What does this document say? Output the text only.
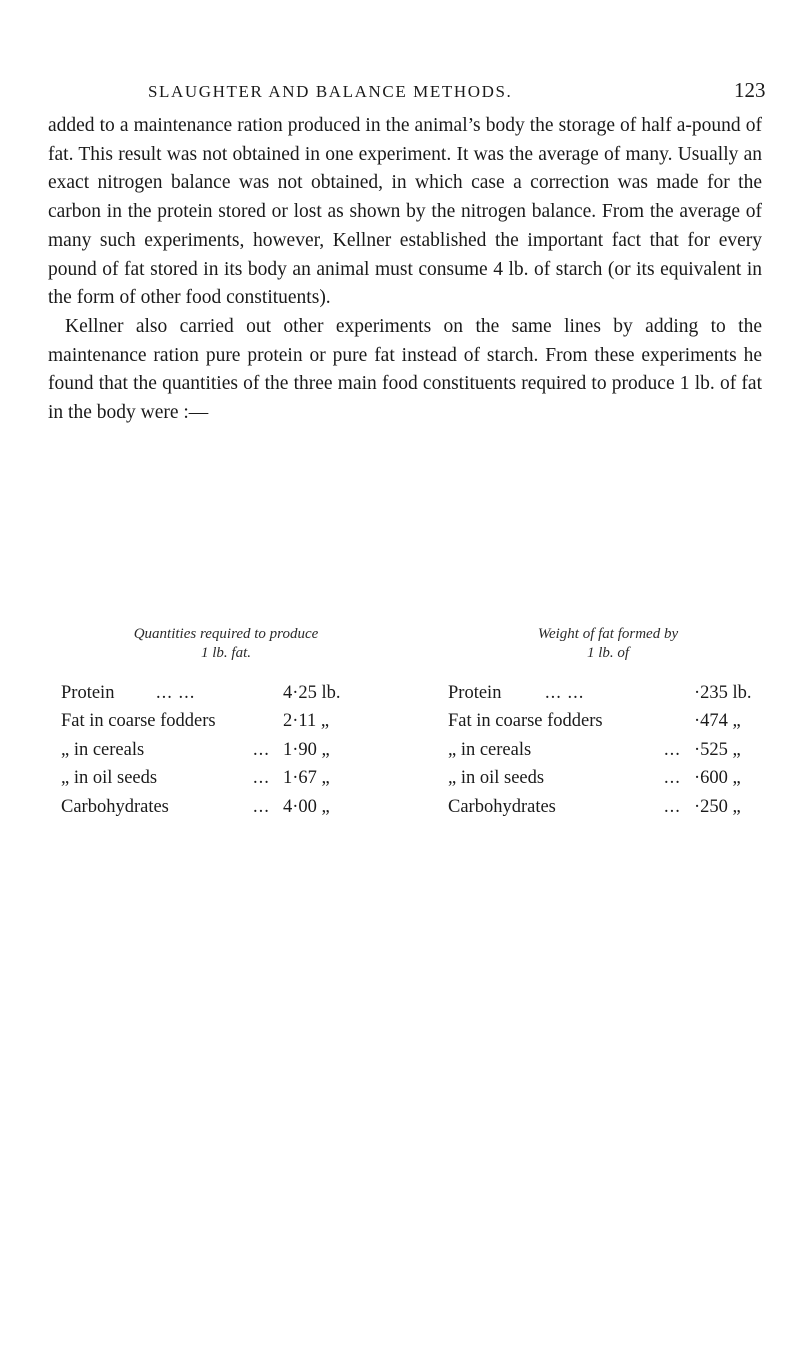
SLAUGHTER AND BALANCE METHODS.	123

added to a maintenance ration produced in the animal’s body the storage of half a-pound of fat. This result was not obtained in one experiment. It was the average of many. Usually an exact nitrogen balance was not obtained, in which case a correction was made for the carbon in the protein stored or lost as shown by the nitrogen balance. From the average of many such experiments, however, Kellner established the important fact that for every pound of fat stored in its body an animal must consume 4 lb. of starch (or its equivalent in the form of other food constituents).

Kellner also carried out other experiments on the same lines by adding to the maintenance ration pure protein or pure fat instead of starch. From these experiments he found that the quantities of the three main food constituents required to produce 1 lb. of fat in the body were :—

Quantities required to produce
1 lb. fat.
Protein ... ...	4·25 lb.
Fat in coarse fodders	2·11 „
„ in cereals	... 1·90 „
„ in oil seeds	... 1·67 „
Carbohydrates	... 4·00 „
Weight of fat formed by
1 lb. of
Protein ... ...	·235 lb.
Fat in coarse fodders	·474 „
„ in cereals	... ·525 „
„ in oil seeds	... ·600 „
Carbohydrates	... ·250 „
